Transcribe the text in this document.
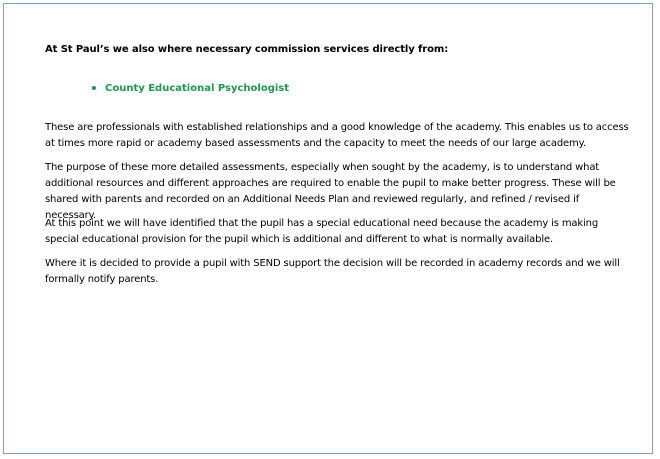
At St Paul’s we also where necessary commission services directly from:

County Educational Psychologist

These are professionals with established relationships and a good knowledge of the academy. This enables us to access at times more rapid or academy based assessments and the capacity to meet the needs of our large academy.

The purpose of these more detailed assessments, especially when sought by the academy, is to understand what additional resources and different approaches are required to enable the pupil to make better progress. These will be shared with parents and recorded on an Additional Needs Plan and reviewed regularly, and refined / revised if necessary.

At this point we will have identified that the pupil has a special educational need because the academy is making special educational provision for the pupil which is additional and different to what is normally available.

Where it is decided to provide a pupil with SEND support the decision will be recorded in academy records and we will formally notify parents.
